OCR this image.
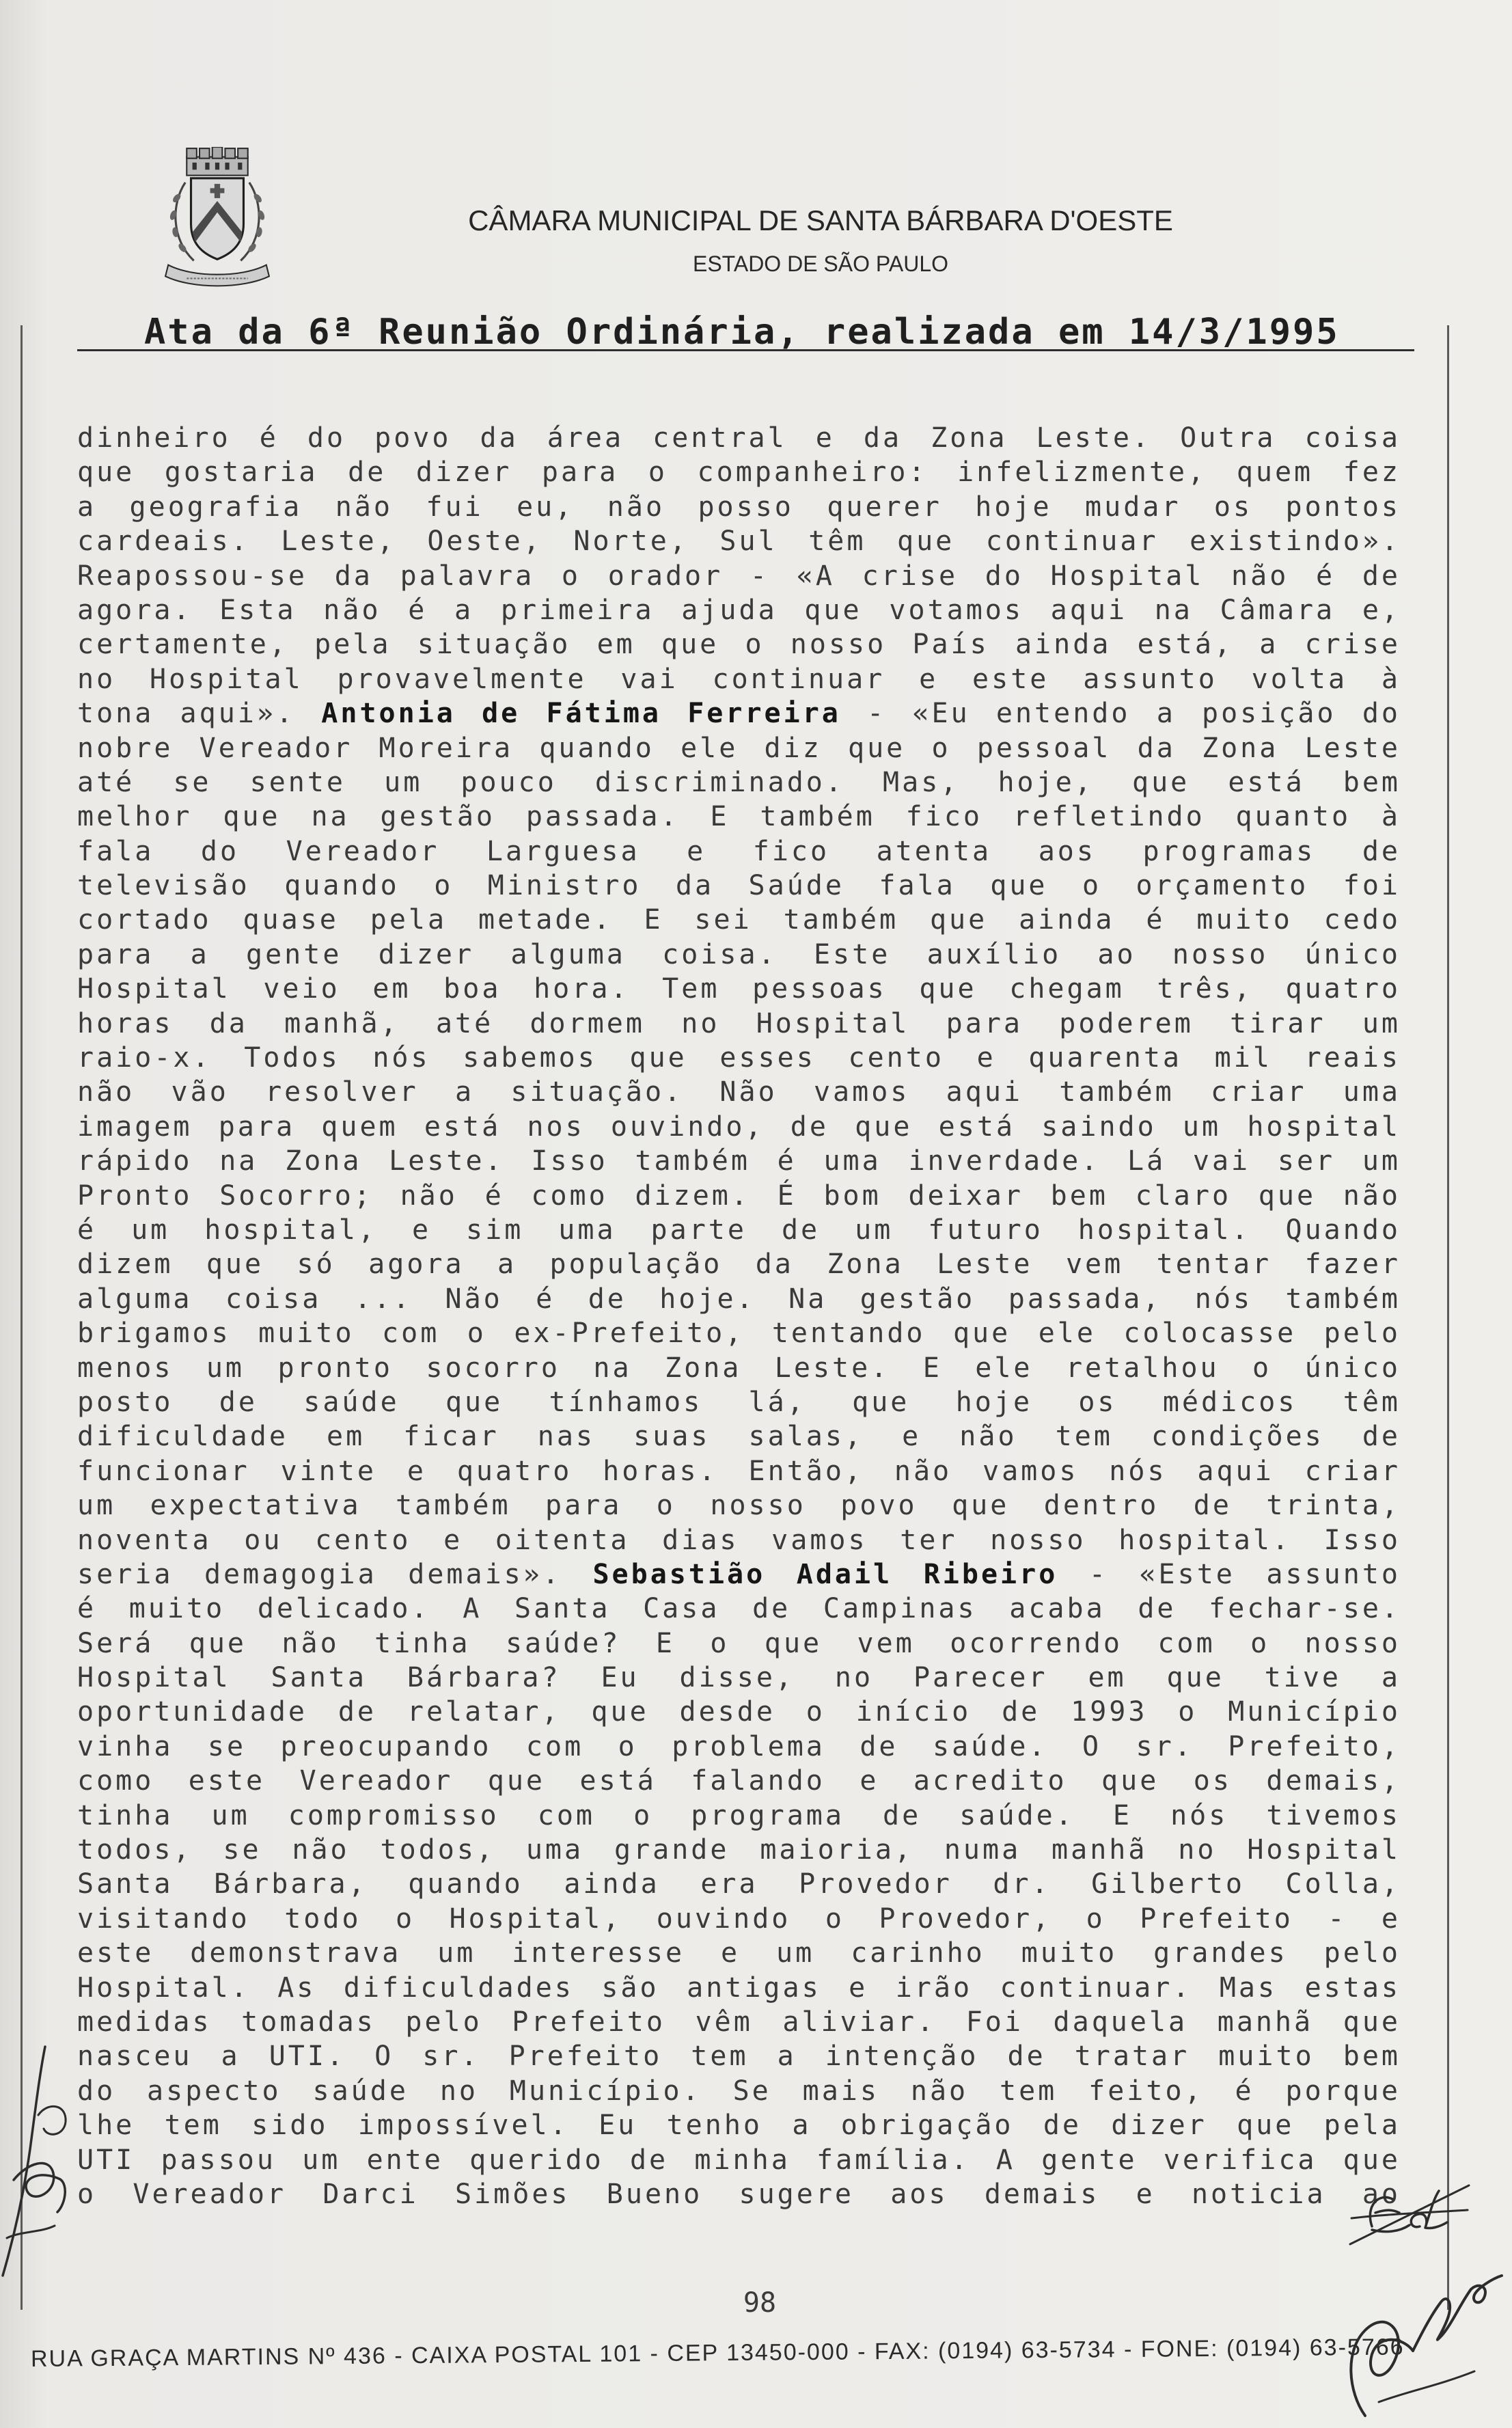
CÂMARA MUNICIPAL DE SANTA BÁRBARA D'OESTE
ESTADO DE SÃO PAULO
Ata da 6ª Reunião Ordinária, realizada em 14/3/1995
dinheiro é do povo da área central e da Zona Leste. Outra coisa
que gostaria de dizer para o companheiro: infelizmente, quem fez
a geografia não fui eu, não posso querer hoje mudar os pontos
cardeais. Leste, Oeste, Norte, Sul têm que continuar existindo».
Reapossou-se da palavra o orador - «A crise do Hospital não é de
agora. Esta não é a primeira ajuda que votamos aqui na Câmara e,
certamente, pela situação em que o nosso País ainda está, a crise
no Hospital provavelmente vai continuar e este assunto volta à
tona aqui». Antonia de Fátima Ferreira - «Eu entendo a posição do
nobre Vereador Moreira quando ele diz que o pessoal da Zona Leste
até se sente um pouco discriminado. Mas, hoje, que está bem
melhor que na gestão passada. E também fico refletindo quanto à
fala do Vereador Larguesa e fico atenta aos programas de
televisão quando o Ministro da Saúde fala que o orçamento foi
cortado quase pela metade. E sei também que ainda é muito cedo
para a gente dizer alguma coisa. Este auxílio ao nosso único
Hospital veio em boa hora. Tem pessoas que chegam três, quatro
horas da manhã, até dormem no Hospital para poderem tirar um
raio-x. Todos nós sabemos que esses cento e quarenta mil reais
não vão resolver a situação. Não vamos aqui também criar uma
imagem para quem está nos ouvindo, de que está saindo um hospital
rápido na Zona Leste. Isso também é uma inverdade. Lá vai ser um
Pronto Socorro; não é como dizem. É bom deixar bem claro que não
é um hospital, e sim uma parte de um futuro hospital. Quando
dizem que só agora a população da Zona Leste vem tentar fazer
alguma coisa ... Não é de hoje. Na gestão passada, nós também
brigamos muito com o ex-Prefeito, tentando que ele colocasse pelo
menos um pronto socorro na Zona Leste. E ele retalhou o único
posto de saúde que tínhamos lá, que hoje os médicos têm
dificuldade em ficar nas suas salas, e não tem condições de
funcionar vinte e quatro horas. Então, não vamos nós aqui criar
um expectativa também para o nosso povo que dentro de trinta,
noventa ou cento e oitenta dias vamos ter nosso hospital. Isso
seria demagogia demais». Sebastião Adail Ribeiro - «Este assunto
é muito delicado. A Santa Casa de Campinas acaba de fechar-se.
Será que não tinha saúde? E o que vem ocorrendo com o nosso
Hospital Santa Bárbara? Eu disse, no Parecer em que tive a
oportunidade de relatar, que desde o início de 1993 o Município
vinha se preocupando com o problema de saúde. O sr. Prefeito,
como este Vereador que está falando e acredito que os demais,
tinha um compromisso com o programa de saúde. E nós tivemos
todos, se não todos, uma grande maioria, numa manhã no Hospital
Santa Bárbara, quando ainda era Provedor dr. Gilberto Colla,
visitando todo o Hospital, ouvindo o Provedor, o Prefeito - e
este demonstrava um interesse e um carinho muito grandes pelo
Hospital. As dificuldades são antigas e irão continuar. Mas estas
medidas tomadas pelo Prefeito vêm aliviar. Foi daquela manhã que
nasceu a UTI. O sr. Prefeito tem a intenção de tratar muito bem
do aspecto saúde no Município. Se mais não tem feito, é porque
lhe tem sido impossível. Eu tenho a obrigação de dizer que pela
UTI passou um ente querido de minha família. A gente verifica que
o Vereador Darci Simões Bueno sugere aos demais e noticia ao
98
RUA GRAÇA MARTINS Nº 436 - CAIXA POSTAL 101 - CEP 13450-000 - FAX: (0194) 63-5734 - FONE: (0194) 63-5766
